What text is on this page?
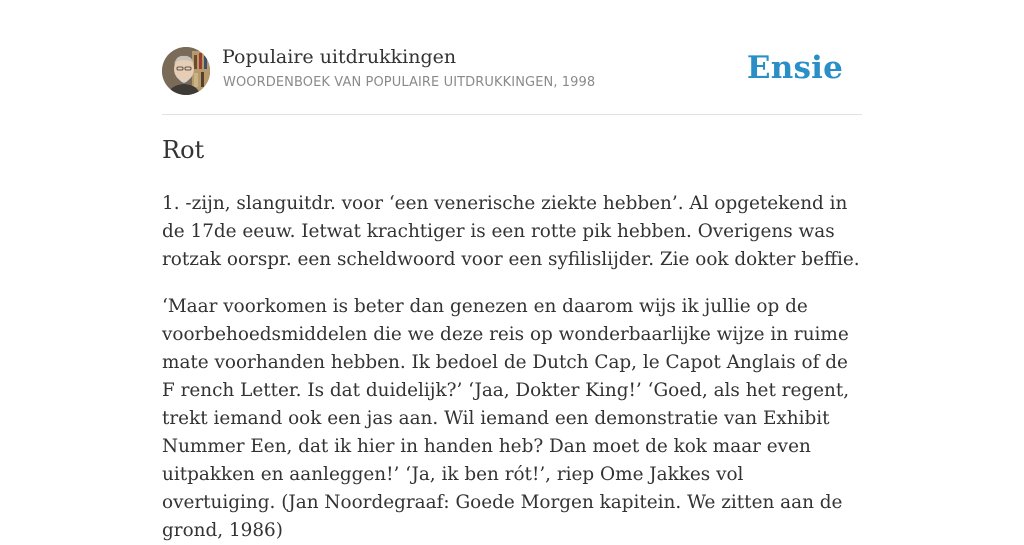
Populaire uitdrukkingen
WOORDENBOEK VAN POPULAIRE UITDRUKKINGEN, 1998	Ensie
Rot

1. -zijn, slanguitdr. voor ‘een venerische ziekte hebben’. Al opgetekend in de 17de eeuw. Ietwat krachtiger is een rotte pik hebben. Overigens was rotzak oorspr. een scheldwoord voor een syfilislijder. Zie ook dokter beffie.

‘Maar voorkomen is beter dan genezen en daarom wijs ik jullie op de voorbehoedsmiddelen die we deze reis op wonderbaarlijke wijze in ruime mate voorhanden hebben. Ik bedoel de Dutch Cap, le Capot Anglais of de F rench Letter. Is dat duidelijk?’ ‘Jaa, Dokter King!’ ‘Goed, als het regent, trekt iemand ook een jas aan. Wil iemand een demonstratie van Exhibit Nummer Een, dat ik hier in handen heb? Dan moet de kok maar even uitpakken en aanleggen!’ ‘Ja, ik ben rót!’, riep Ome Jakkes vol overtuiging. (Jan Noordegraaf: Goede Morgen kapitein. We zitten aan de grond, 1986)
